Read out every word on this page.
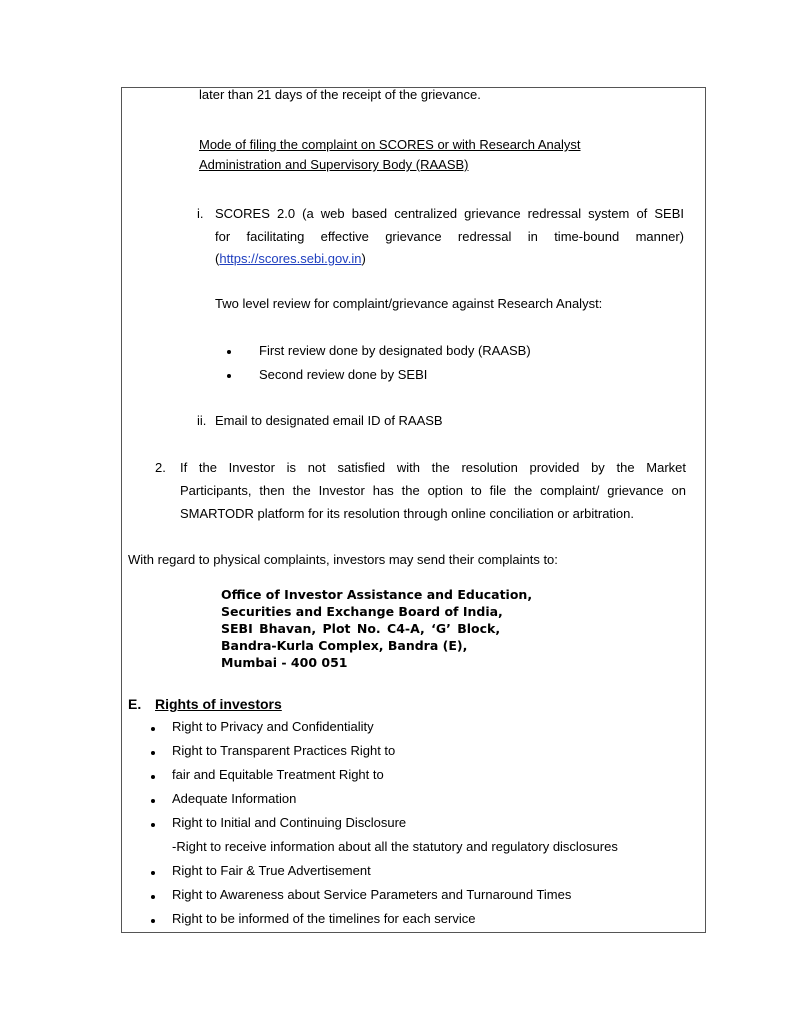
later than 21 days of the receipt of the grievance.
Mode of filing the complaint on SCORES or with Research Analyst
Administration and Supervisory Body (RAASB)
i. SCORES 2.0 (a web based centralized grievance redressal system of SEBI
for facilitating effective grievance redressal in time-bound manner)
(https://scores.sebi.gov.in)
Two level review for complaint/grievance against Research Analyst:
First review done by designated body (RAASB)
Second review done by SEBI
ii. Email to designated email ID of RAASB
2. If the Investor is not satisfied with the resolution provided by the Market
Participants, then the Investor has the option to file the complaint/ grievance on
SMARTODR platform for its resolution through online conciliation or arbitration.
With regard to physical complaints, investors may send their complaints to:
Office of Investor Assistance and Education,
Securities and Exchange Board of India,
SEBI Bhavan, Plot No. C4-A, ‘G’ Block,
Bandra-Kurla Complex, Bandra (E),
Mumbai - 400 051
E. Rights of investors
Right to Privacy and Confidentiality
Right to Transparent Practices Right to
fair and Equitable Treatment Right to
Adequate Information
Right to Initial and Continuing Disclosure
-Right to receive information about all the statutory and regulatory disclosures
Right to Fair & True Advertisement
Right to Awareness about Service Parameters and Turnaround Times
Right to be informed of the timelines for each service
